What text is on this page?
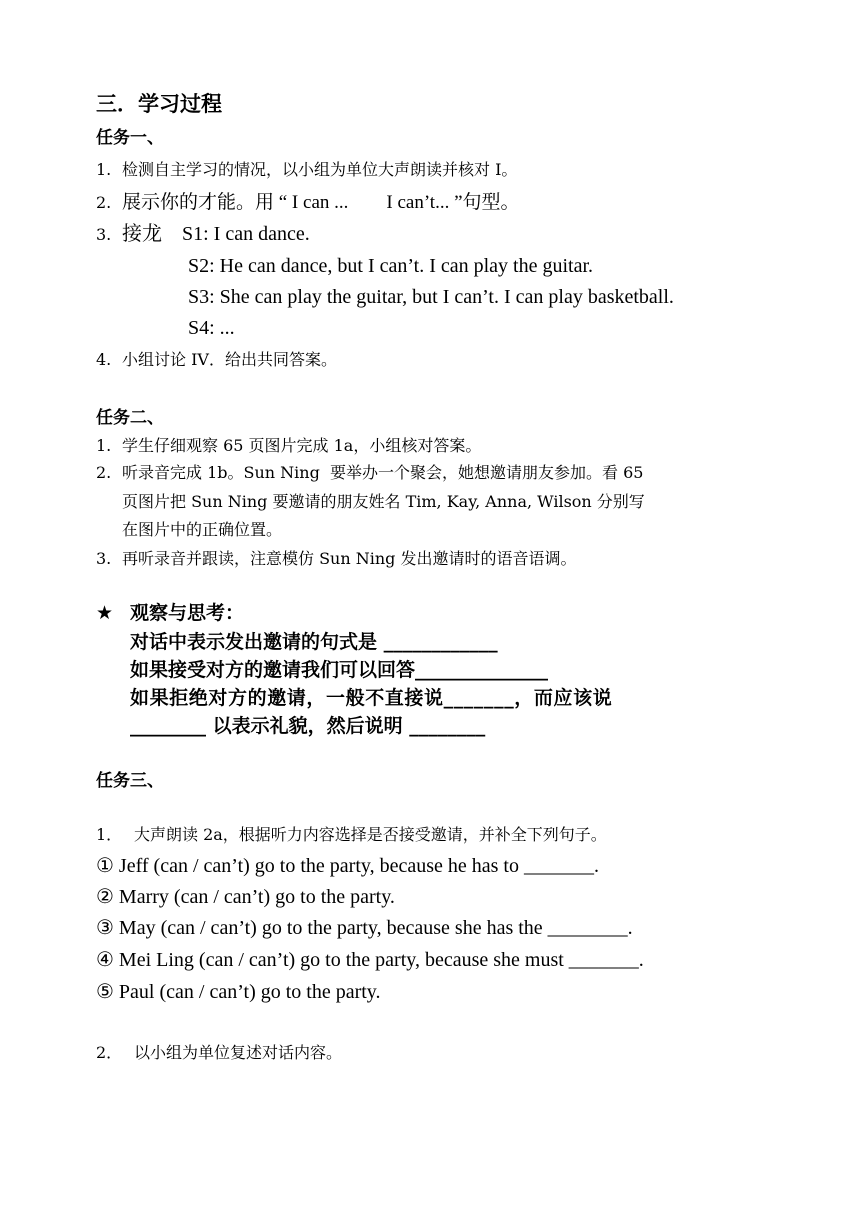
三．学习过程
任务一、
1. 检测自主学习的情况，以小组为单位大声朗读并核对 I。
2. 展示你的才能。用 “ I can ...        I can’t... ”句型。
3. 接龙    S1: I can dance.
S2: He can dance, but I can’t. I can play the guitar.
S3: She can play the guitar, but I can’t. I can play basketball.
S4: ...
4. 小组讨论 IV．给出共同答案。
任务二、
1. 学生仔细观察 65 页图片完成 1a，小组核对答案。
2. 听录音完成 1b。Sun Ning  要举办一个聚会，她想邀请朋友参加。看 65
页图片把 Sun Ning 要邀请的朋友姓名 Tim, Kay, Anna, Wilson 分别写
在图片中的正确位置。
3. 再听录音并跟读，注意模仿 Sun Ning 发出邀请时的语音语调。
★ 观察与思考：
对话中表示发出邀请的句式是 ____________
如果接受对方的邀请我们可以回答______________
如果拒绝对方的邀请，一般不直接说_______，而应该说
________ 以表示礼貌，然后说明 ________
任务三、
1． 大声朗读 2a，根据听力内容选择是否接受邀请，并补全下列句子。
① Jeff (can / can’t) go to the party, because he has to _______.
② Marry (can / can’t) go to the party.
③ May (can / can’t) go to the party, because she has the ________.
④ Mei Ling (can / can’t) go to the party, because she must _______.
⑤ Paul (can / can’t) go to the party.
2． 以小组为单位复述对话内容。
